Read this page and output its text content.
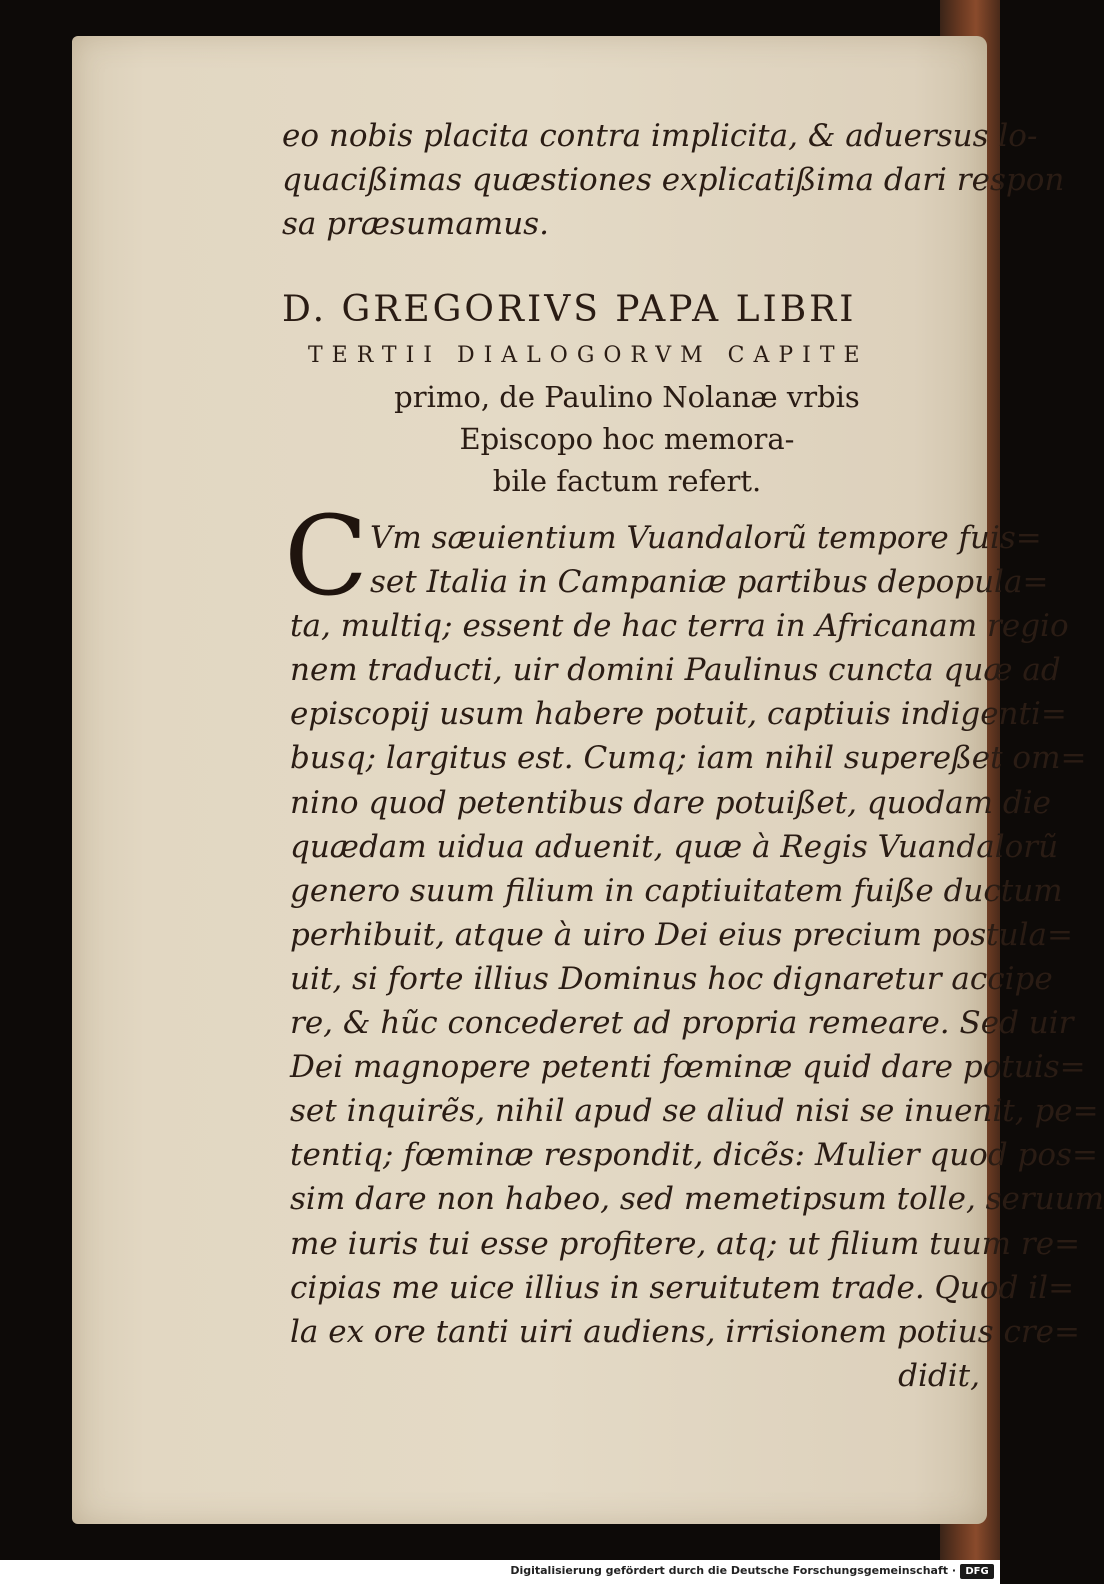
eo nobis placita contra implicita, & aduersus lo-
quacißimas quæstiones explicatißima dari respon
sa præsumamus.
D. GREGORIVS PAPA LIBRI
TERTII DIALOGORVM CAPITE
primo, de Paulino Nolanæ vrbis
Episcopo hoc memora-
bile factum refert.
C Vm sæuientium Vuandalorũ tempore fuis=
set Italia in Campaniæ partibus depopula=
ta, multiq; essent de hac terra in Africanam regio
nem traducti, uir domini Paulinus cuncta quæ ad
episcopij usum habere potuit, captiuis indigenti=
busq; largitus est. Cumq; iam nihil supereßet om=
nino quod petentibus dare potuißet, quodam die
quædam uidua aduenit, quæ à Regis Vuandalorũ
genero suum filium in captiuitatem fuiße ductum
perhibuit, atque à uiro Dei eius precium postula=
uit, si forte illius Dominus hoc dignaretur accipe
re, & hũc concederet ad propria remeare. Sed uir
Dei magnopere petenti fœminæ quid dare potuis=
set inquirẽs, nihil apud se aliud nisi se inuenit, pe=
tentiq; fœminæ respondit, dicẽs: Mulier quod pos=
sim dare non habeo, sed memetipsum tolle, seruum
me iuris tui esse profitere, atq; ut filium tuum re=
cipias me uice illius in seruitutem trade. Quod il=
la ex ore tanti uiri audiens, irrisionem potius cre=
didit,
Digitalisierung gefördert durch die Deutsche Forschungsgemeinschaft · DFG
